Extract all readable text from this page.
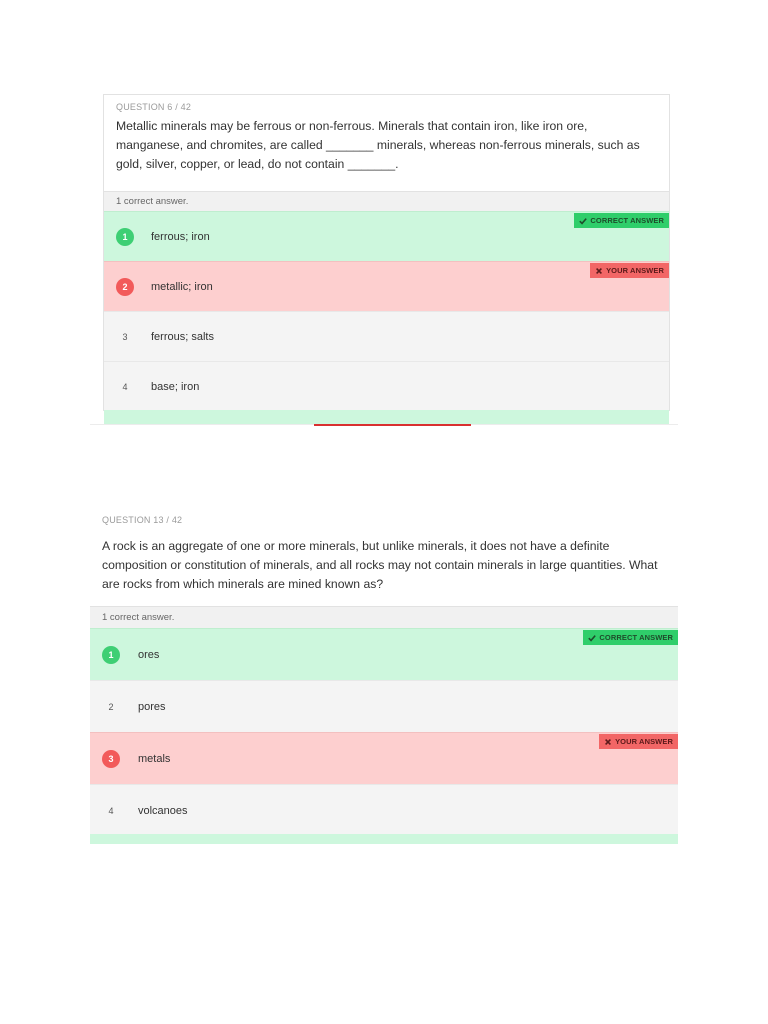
QUESTION 6 / 42
Metallic minerals may be ferrous or non-ferrous. Minerals that contain iron, like iron ore, manganese, and chromites, are called _______ minerals, whereas non-ferrous minerals, such as gold, silver, copper, or lead, do not contain _______.
1 correct answer.
1	ferrous; iron
CORRECT ANSWER
2	metallic; iron
YOUR ANSWER
3	ferrous; salts
4	base; iron
QUESTION 13 / 42
A rock is an aggregate of one or more minerals, but unlike minerals, it does not have a definite composition or constitution of minerals, and all rocks may not contain minerals in large quantities. What are rocks from which minerals are mined known as?
1 correct answer.
1	ores
CORRECT ANSWER
2	pores
3	metals
YOUR ANSWER
4	volcanoes
